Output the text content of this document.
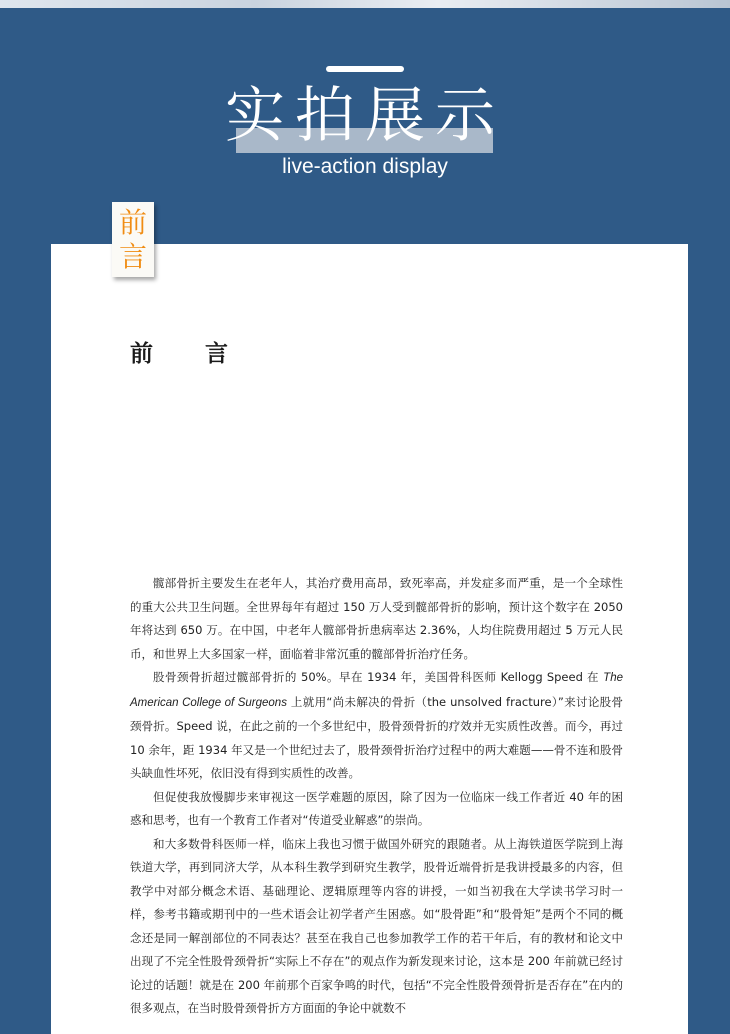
实拍展示
live-action display
前
言
前 言

髋部骨折主要发生在老年人，其治疗费用高昂，致死率高，并发症多而严重，是一个全球性的重大公共卫生问题。全世界每年有超过 150 万人受到髋部骨折的影响，预计这个数字在 2050 年将达到 650 万。在中国，中老年人髋部骨折患病率达 2.36%，人均住院费用超过 5 万元人民币，和世界上大多国家一样，面临着非常沉重的髋部骨折治疗任务。

股骨颈骨折超过髋部骨折的 50%。早在 1934 年，美国骨科医师 Kellogg Speed 在 The American College of Surgeons 上就用“尚未解决的骨折（the unsolved fracture）”来讨论股骨颈骨折。Speed 说，在此之前的一个多世纪中，股骨颈骨折的疗效并无实质性改善。而今，再过 10 余年，距 1934 年又是一个世纪过去了，股骨颈骨折治疗过程中的两大难题——骨不连和股骨头缺血性坏死，依旧没有得到实质性的改善。

但促使我放慢脚步来审视这一医学难题的原因，除了因为一位临床一线工作者近 40 年的困惑和思考，也有一个教育工作者对“传道受业解惑”的崇尚。

和大多数骨科医师一样，临床上我也习惯于做国外研究的跟随者。从上海铁道医学院到上海铁道大学，再到同济大学，从本科生教学到研究生教学，股骨近端骨折是我讲授最多的内容，但教学中对部分概念术语、基础理论、逻辑原理等内容的讲授，一如当初我在大学读书学习时一样，参考书籍或期刊中的一些术语会让初学者产生困惑。如“股骨距”和“股骨矩”是两个不同的概念还是同一解剖部位的不同表达？甚至在我自己也参加教学工作的若干年后，有的教材和论文中出现了不完全性股骨颈骨折“实际上不存在”的观点作为新发现来讨论，这本是 200 年前就已经讨论过的话题！就是在 200 年前那个百家争鸣的时代，包括“不完全性股骨颈骨折是否存在”在内的很多观点，在当时股骨颈骨折方方面面的争论中就数不
